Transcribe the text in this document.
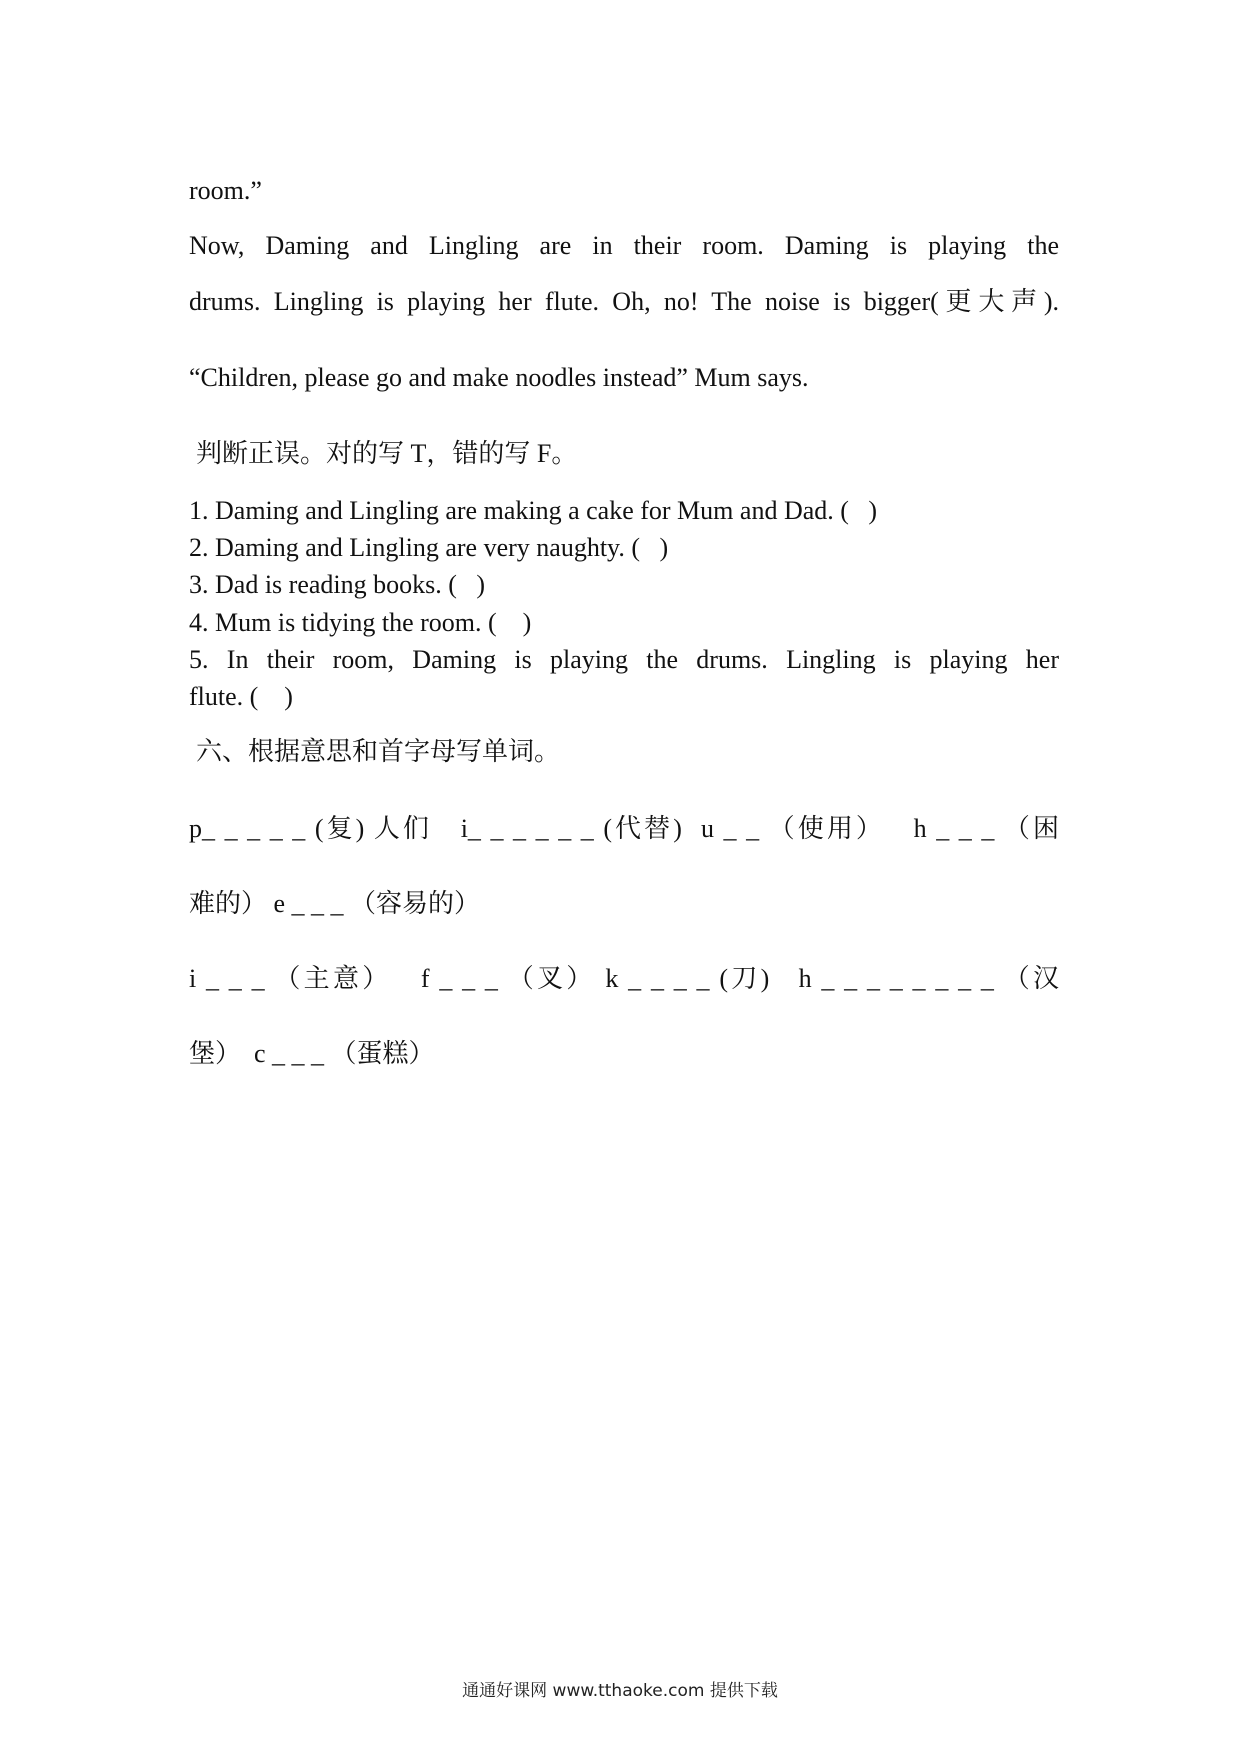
room.”
Now, Daming and Lingling are in their room. Daming is playing the
drums. Lingling is playing her flute. Oh, no! The noise is bigger(更大声).
“Children, please go and make noodles instead” Mum says.
判断正误。对的写 T，错的写 F。
1. Daming and Lingling are making a cake for Mum and Dad. (   )
2. Daming and Lingling are very naughty. (   )
3. Dad is reading books. (   )
4. Mum is tidying the room. (    )
5. In their room, Daming is playing the drums. Lingling is playing her
flute. (    )
六、根据意思和首字母写单词。
p_ _ _ _ _ (复) 人们   i_ _ _ _ _ _ (代替)  u _ _ （使用）   h _ _ _ （困
难的） e _ _ _ （容易的）
i _ _ _ （主意）   f _ _ _ （叉） k _ _ _ _ (刀)   h _ _ _ _ _ _ _ _ （汉
堡）  c _ _ _ （蛋糕）
通通好课网 www.tthaoke.com 提供下载
